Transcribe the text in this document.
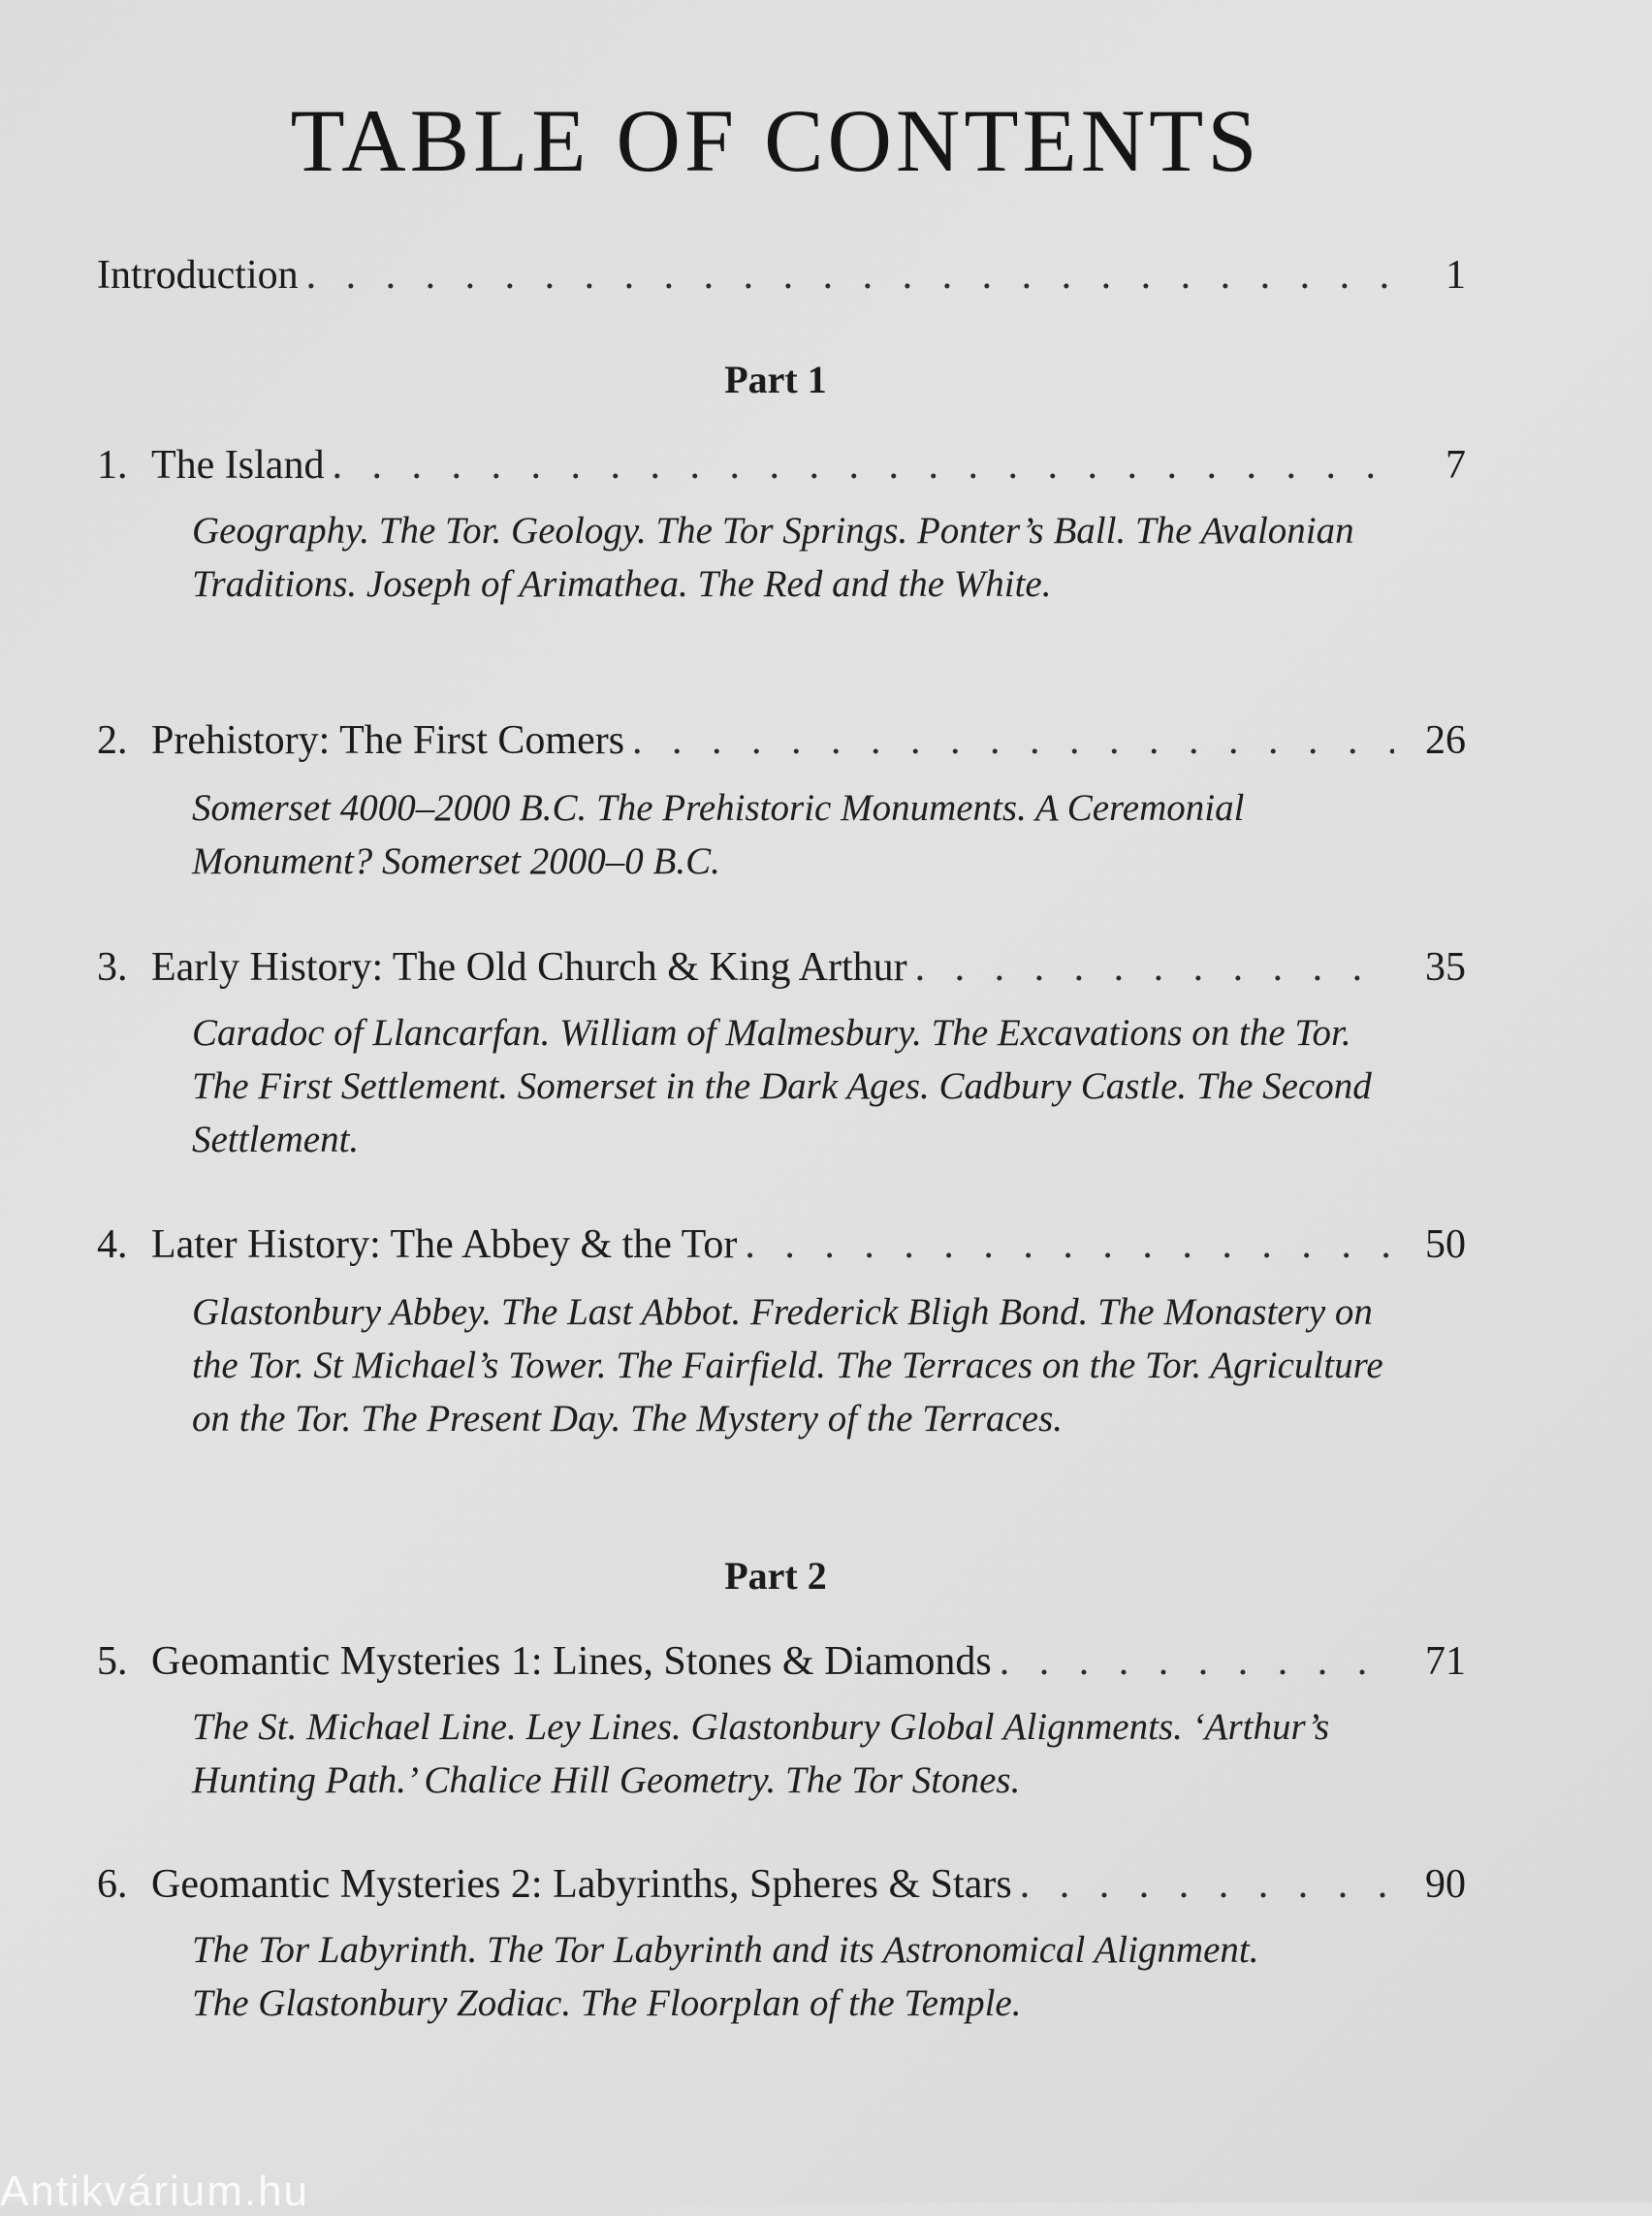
TABLE OF CONTENTS
Introduction . . .	1
Part 1
1. The Island . . .	7
Geography. The Tor. Geology. The Tor Springs. Ponter’s Ball. The Avalonian Traditions. Joseph of Arimathea. The Red and the White.
2. Prehistory: The First Comers . . .	26
Somerset 4000–2000 B.C. The Prehistoric Monuments. A Ceremonial Monument? Somerset 2000–0 B.C.
3. Early History: The Old Church & King Arthur . . .	35
Caradoc of Llancarfan. William of Malmesbury. The Excavations on the Tor. The First Settlement. Somerset in the Dark Ages. Cadbury Castle. The Second Settlement.
4. Later History: The Abbey & the Tor . . .	50
Glastonbury Abbey. The Last Abbot. Frederick Bligh Bond. The Monastery on the Tor. St Michael’s Tower. The Fairfield. The Terraces on the Tor. Agriculture on the Tor. The Present Day. The Mystery of the Terraces.
Part 2
5. Geomantic Mysteries 1: Lines, Stones & Diamonds . . .	71
The St. Michael Line. Ley Lines. Glastonbury Global Alignments. ‘Arthur’s Hunting Path.’ Chalice Hill Geometry. The Tor Stones.
6. Geomantic Mysteries 2: Labyrinths, Spheres & Stars . . .	90
The Tor Labyrinth. The Tor Labyrinth and its Astronomical Alignment. The Glastonbury Zodiac. The Floorplan of the Temple.
Antikvárium.hu
